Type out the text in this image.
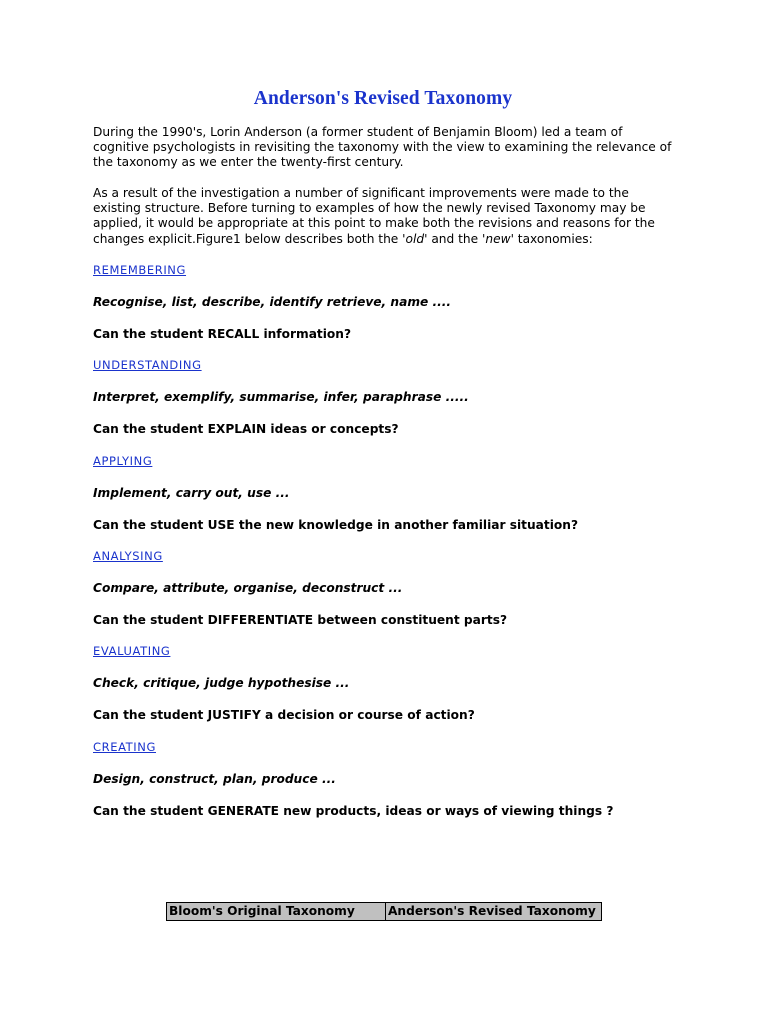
Anderson's Revised Taxonomy

During the 1990's, Lorin Anderson (a former student of Benjamin Bloom) led a team of cognitive psychologists in revisiting the taxonomy with the view to examining the relevance of the taxonomy as we enter the twenty-first century.

As a result of the investigation a number of significant improvements were made to the existing structure. Before turning to examples of how the newly revised Taxonomy may be applied, it would be appropriate at this point to make both the revisions and reasons for the changes explicit.Figure1 below describes both the 'old' and the 'new' taxonomies:

REMEMBERING
Recognise, list, describe, identify retrieve, name ....
Can the student RECALL information?
UNDERSTANDING
Interpret, exemplify, summarise, infer, paraphrase .....
Can the student EXPLAIN ideas or concepts?
APPLYING
Implement, carry out, use ...
Can the student USE the new knowledge in another familiar situation?
ANALYSING
Compare, attribute, organise, deconstruct ...
Can the student DIFFERENTIATE between constituent parts?
EVALUATING
Check, critique, judge hypothesise ...
Can the student JUSTIFY a decision or course of action?
CREATING
Design, construct, plan, produce ...
Can the student GENERATE new products, ideas or ways of viewing things ?
Bloom's Original Taxonomy	Anderson's Revised Taxonomy
